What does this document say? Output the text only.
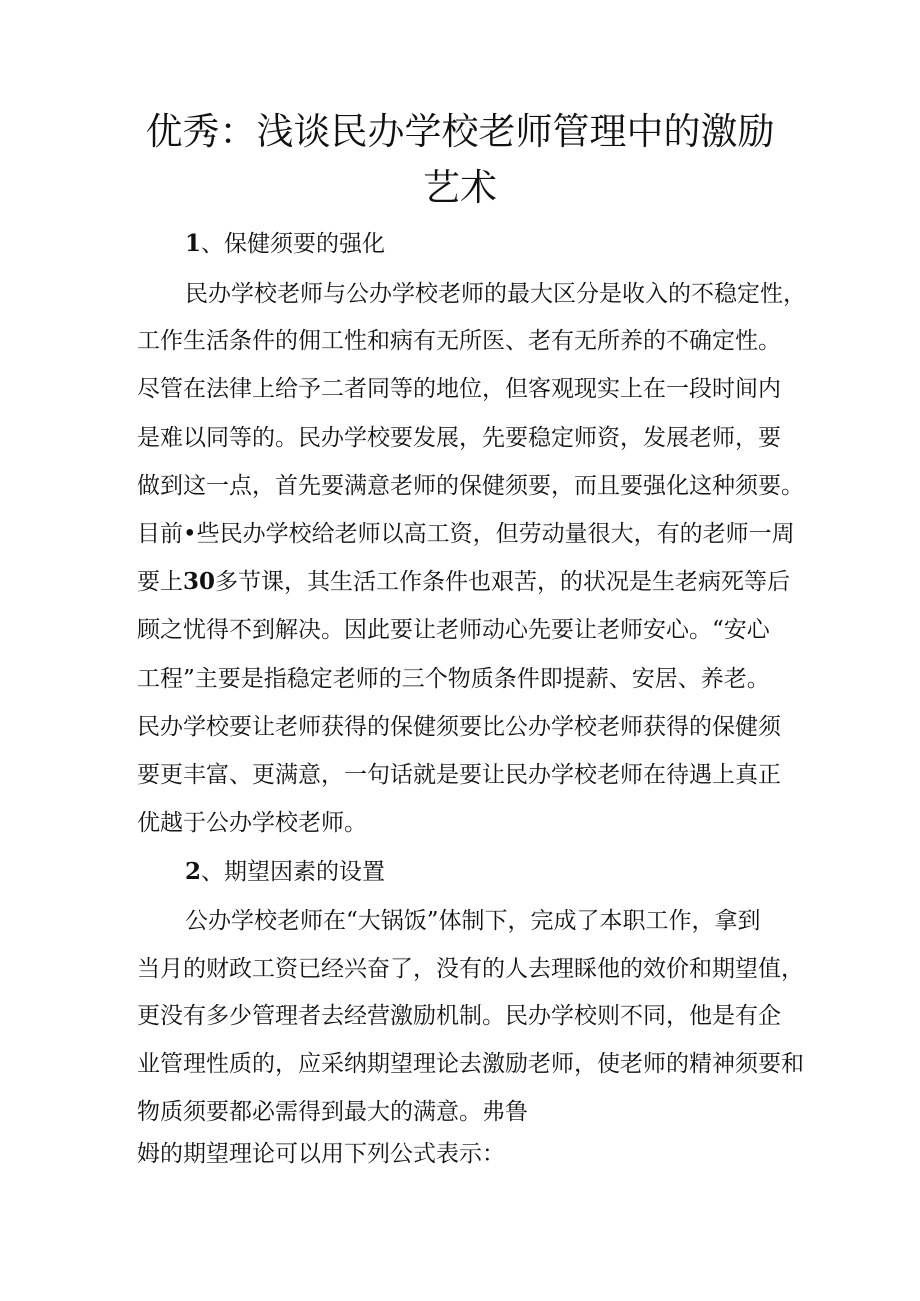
优秀：浅谈民办学校老师管理中的激励
艺术
1、保健须要的强化
民办学校老师与公办学校老师的最大区分是收入的不稳定性，
工作生活条件的佣工性和病有无所医、老有无所养的不确定性。
尽管在法律上给予二者同等的地位，但客观现实上在一段时间内
是难以同等的。民办学校要发展，先要稳定师资，发展老师，要
做到这一点，首先要满意老师的保健须要，而且要强化这种须要。
目前•些民办学校给老师以高工资，但劳动量很大，有的老师一周
要上30多节课，其生活工作条件也艰苦，的状况是生老病死等后
顾之忧得不到解决。因此要让老师动心先要让老师安心。“安心
工程”主要是指稳定老师的三个物质条件即提薪、安居、养老。
民办学校要让老师获得的保健须要比公办学校老师获得的保健须
要更丰富、更满意，一句话就是要让民办学校老师在待遇上真正
优越于公办学校老师。
2、期望因素的设置
公办学校老师在“大锅饭”体制下，完成了本职工作，拿到
当月的财政工资已经兴奋了，没有的人去理睬他的效价和期望值，
更没有多少管理者去经营激励机制。民办学校则不同，他是有企
业管理性质的，应采纳期望理论去激励老师，使老师的精神须要和
物质须要都必需得到最大的满意。弗鲁
姆的期望理论可以用下列公式表示：
